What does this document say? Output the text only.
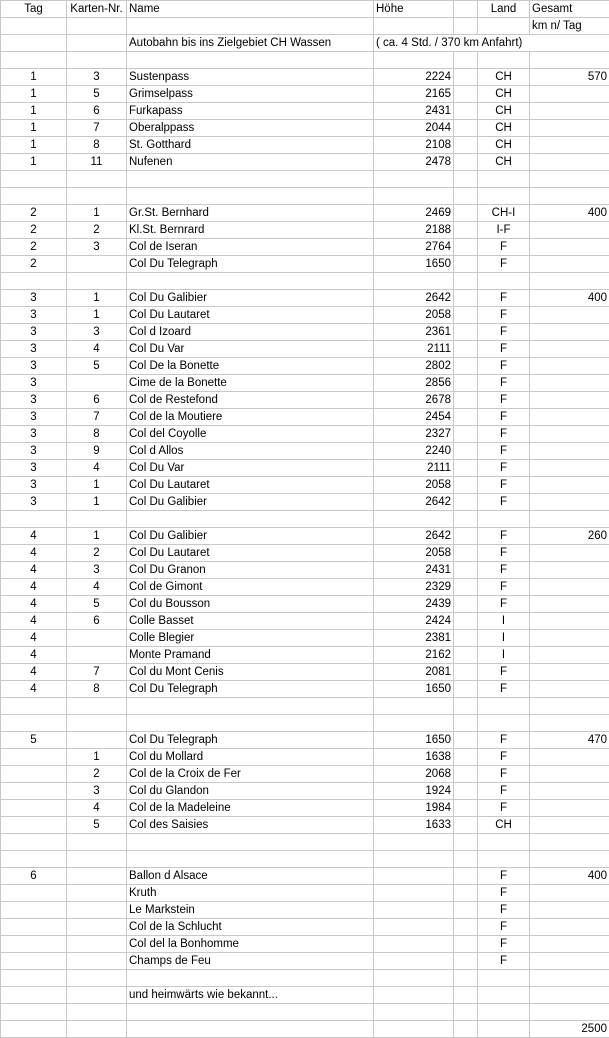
Tag	Karten-Nr.	Name	Höhe		Land	Gesamt
						km n/ Tag
		Autobahn bis ins Zielgebiet CH Wassen	( ca. 4 Std. / 370 km Anfahrt)			

1	3	Sustenpass	2224		CH	570
1	5	Grimselpass	2165		CH	
1	6	Furkapass	2431		CH	
1	7	Oberalppass	2044		CH	
1	8	St. Gotthard	2108		CH	
1	11	Nufenen	2478		CH	

2	1	Gr.St. Bernhard	2469		CH-I	400
2	2	Kl.St. Bernrard	2188		I-F	
2	3	Col de Iseran	2764		F	
2		Col Du Telegraph	1650		F	

3	1	Col Du Galibier	2642		F	400
3	1	Col Du Lautaret	2058		F	
3	3	Col d Izoard	2361		F	
3	4	Col Du Var	2111		F	
3	5	Col De la Bonette	2802		F	
3		Cime de la Bonette	2856		F	
3	6	Col de Restefond	2678		F	
3	7	Col de la Moutiere	2454		F	
3	8	Col del Coyolle	2327		F	
3	9	Col d Allos	2240		F	
3	4	Col Du Var	2111		F	
3	1	Col Du Lautaret	2058		F	
3	1	Col Du Galibier	2642		F	

4	1	Col Du Galibier	2642		F	260
4	2	Col Du Lautaret	2058		F	
4	3	Col Du Granon	2431		F	
4	4	Col de Gimont	2329		F	
4	5	Col du Bousson	2439		F	
4	6	Colle Basset	2424		I	
4		Colle Blegier	2381		I	
4		Monte Pramand	2162		I	
4	7	Col du Mont Cenis	2081		F	
4	8	Col Du Telegraph	1650		F	

5		Col Du Telegraph	1650		F	470
	1	Col du Mollard	1638		F	
	2	Col de la Croix de Fer	2068		F	
	3	Col du Glandon	1924		F	
	4	Col de la Madeleine	1984		F	
	5	Col des Saisies	1633		CH	

6		Ballon d Alsace			F	400
		Kruth			F	
		Le Markstein			F	
		Col de la Schlucht			F	
		Col del la Bonhomme			F	
		Champs de Feu			F	

		und heimwärts wie bekannt...				

						2500
